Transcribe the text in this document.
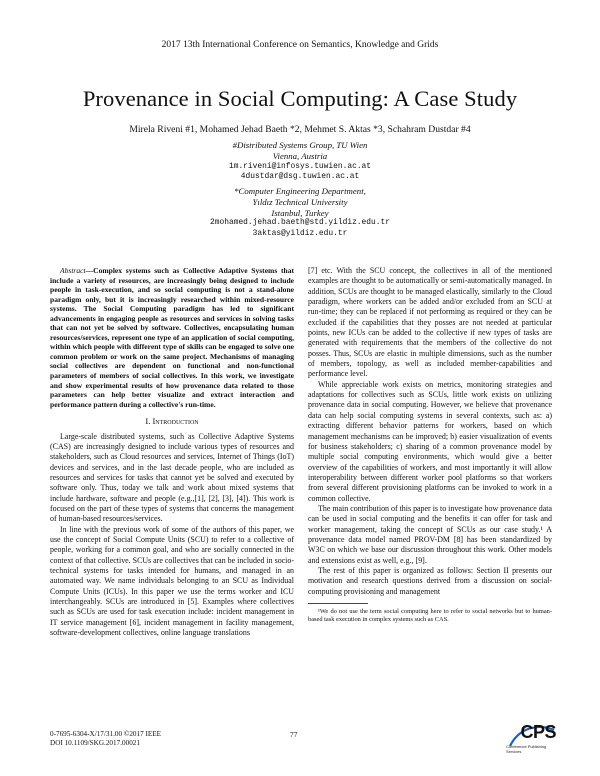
2017 13th International Conference on Semantics, Knowledge and Grids
Provenance in Social Computing: A Case Study
Mirela Riveni #1, Mohamed Jehad Baeth *2, Mehmet S. Aktas *3, Schahram Dustdar #4
#Distributed Systems Group, TU Wien
Vienna, Austria
1m.riveni@infosys.tuwien.ac.at
4dustdar@dsg.tuwien.ac.at
*Computer Engineering Department,
Yıldız Technical University
Istanbul, Turkey
2mohamed.jehad.baeth@std.yildiz.edu.tr
3aktas@yildiz.edu.tr

Abstract—Complex systems such as Collective Adaptive Systems that include a variety of resources, are increasingly being designed to include people in task-execution, and so social computing is not a stand-alone paradigm only, but it is increasingly researched within mixed-resource systems. The Social Computing paradigm has led to significant advancements in engaging people as resources and services in solving tasks that can not yet be solved by software. Collectives, encapsulating human resources/services, represent one type of an application of social computing, within which people with different type of skills can be engaged to solve one common problem or work on the same project. Mechanisms of managing social collectives are dependent on functional and non-functional parameters of members of social collectives. In this work, we investigate and show experimental results of how provenance data related to those parameters can help better visualize and extract interaction and performance pattern during a collective's run-time.

I. Introduction

Large-scale distributed systems, such as Collective Adaptive Systems (CAS) are increasingly designed to include various types of resources and stakeholders, such as Cloud resources and services, Internet of Things (IoT) devices and services, and in the last decade people, who are included as resources and services for tasks that cannot yet be solved and executed by software only. Thus, today we talk and work about mixed systems that include hardware, software and people (e.g.,[1], [2], [3], [4]). This work is focused on the part of these types of systems that concerns the management of human-based resources/services.

In line with the previous work of some of the authors of this paper, we use the concept of Social Compute Units (SCU) to refer to a collective of people, working for a common goal, and who are socially connected in the context of that collective. SCUs are collectives that can be included in socio-technical systems for tasks intended for humans, and managed in an automated way. We name individuals belonging to an SCU as Individual Compute Units (ICUs). In this paper we use the terms worker and ICU interchangeably. SCUs are introduced in [5]. Examples where collectives such as SCUs are used for task execution include: incident management in IT service management [6], incident management in facility management, software-development collectives, online language translations

[7] etc. With the SCU concept, the collectives in all of the mentioned examples are thought to be automatically or semi-automatically managed. In addition, SCUs are thought to be managed elastically, similarly to the Cloud paradigm, where workers can be added and/or excluded from an SCU at run-time; they can be replaced if not performing as required or they can be excluded if the capabilities that they posses are not needed at particular points, new ICUs can be added to the collective if new types of tasks are generated with requirements that the members of the collective do not posses. Thus, SCUs are elastic in multiple dimensions, such as the number of members, topology, as well as included member-capabilities and performance level.

While appreciable work exists on metrics, monitoring strategies and adaptations for collectives such as SCUs, little work exists on utilizing provenance data in social computing. However, we believe that provenance data can help social computing systems in several contexts, such as: a) extracting different behavior patterns for workers, based on which management mechanisms can be improved; b) easier visualization of events for business stakeholders; c) sharing of a common provenance model by multiple social computing environments, which would give a better overview of the capabilities of workers, and most importantly it will allow interoperability between different worker pool platforms so that workers from several different provisioning platforms can be invoked to work in a common collective.

The main contribution of this paper is to investigate how provenance data can be used in social computing and the benefits it can offer for task and worker management, taking the concept of SCUs as our case study.¹ A provenance data model named PROV-DM [8] has been standardized by W3C on which we base our discussion throughout this work. Other models and extensions exist as well, e.g., [9].

The rest of this paper is organized as follows: Section II presents our motivation and research questions derived from a discussion on social-computing provisioning and management

¹We do not use the term social computing here to refer to social networks but to human-based task execution in complex systems such as CAS.

0-7695-6304-X/17/31.00 ©2017 IEEE
DOI 10.1109/SKG.2017.00021
77	CPS
Conference Publishing Services
